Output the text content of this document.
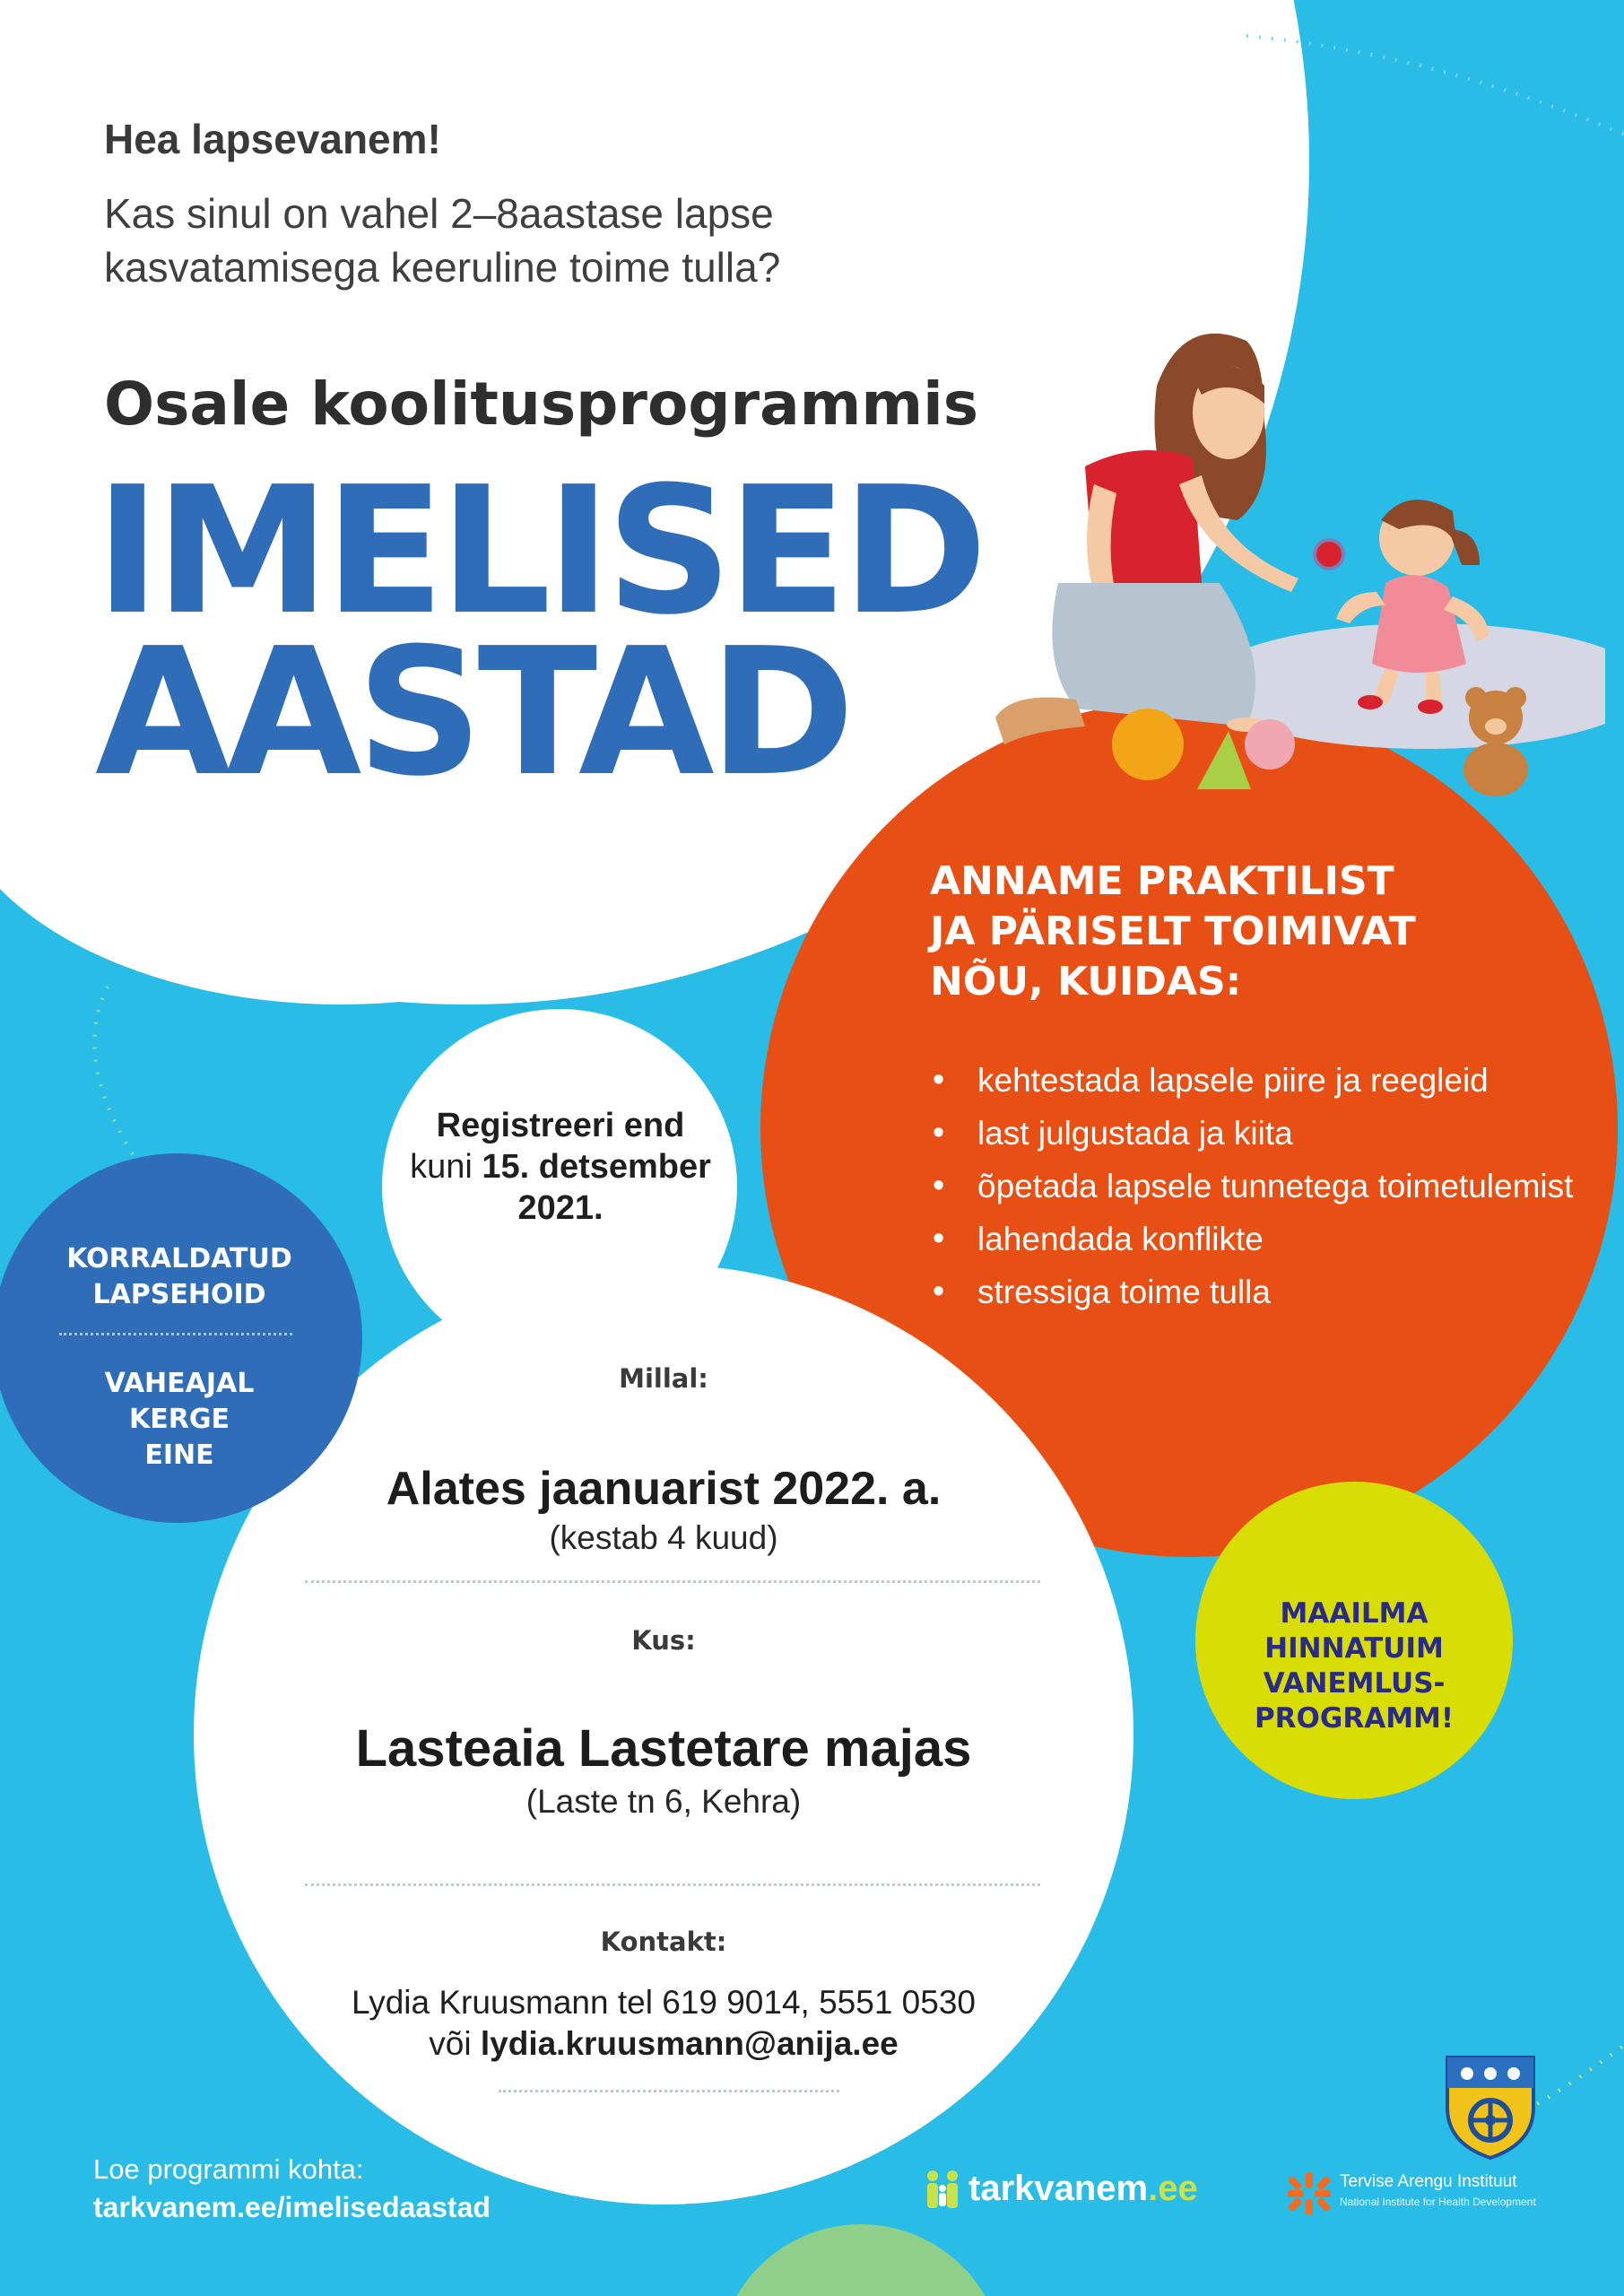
Hea lapsevanem!
Kas sinul on vahel 2–8aastase lapse
kasvatamisega keeruline toime tulla?
Osale koolitusprogrammis
IMELISED
AASTAD
ANNAME PRAKTILIST
JA PÄRISELT TOIMIVAT
NÕU, KUIDAS:
• kehtestada lapsele piire ja reegleid
• last julgustada ja kiita
• õpetada lapsele tunnetega toimetulemist
• lahendada konflikte
• stressiga toime tulla
Registreeri end
kuni 15. detsember
2021.
KORRALDATUD
LAPSEHOID
VAHEAJAL
KERGE
EINE
MAAILMA
HINNATUIM
VANEMLUS-
PROGRAMM!
Millal:
Alates jaanuarist 2022. a.
(kestab 4 kuud)
Kus:
Lasteaia Lastetare majas
(Laste tn 6, Kehra)
Kontakt:
Lydia Kruusmann tel 619 9014, 5551 0530
või lydia.kruusmann@anija.ee
Loe programmi kohta:
tarkvanem.ee/imelisedaastad	tarkvanem.ee	Tervise Arengu Instituut
National Institute for Health Development
